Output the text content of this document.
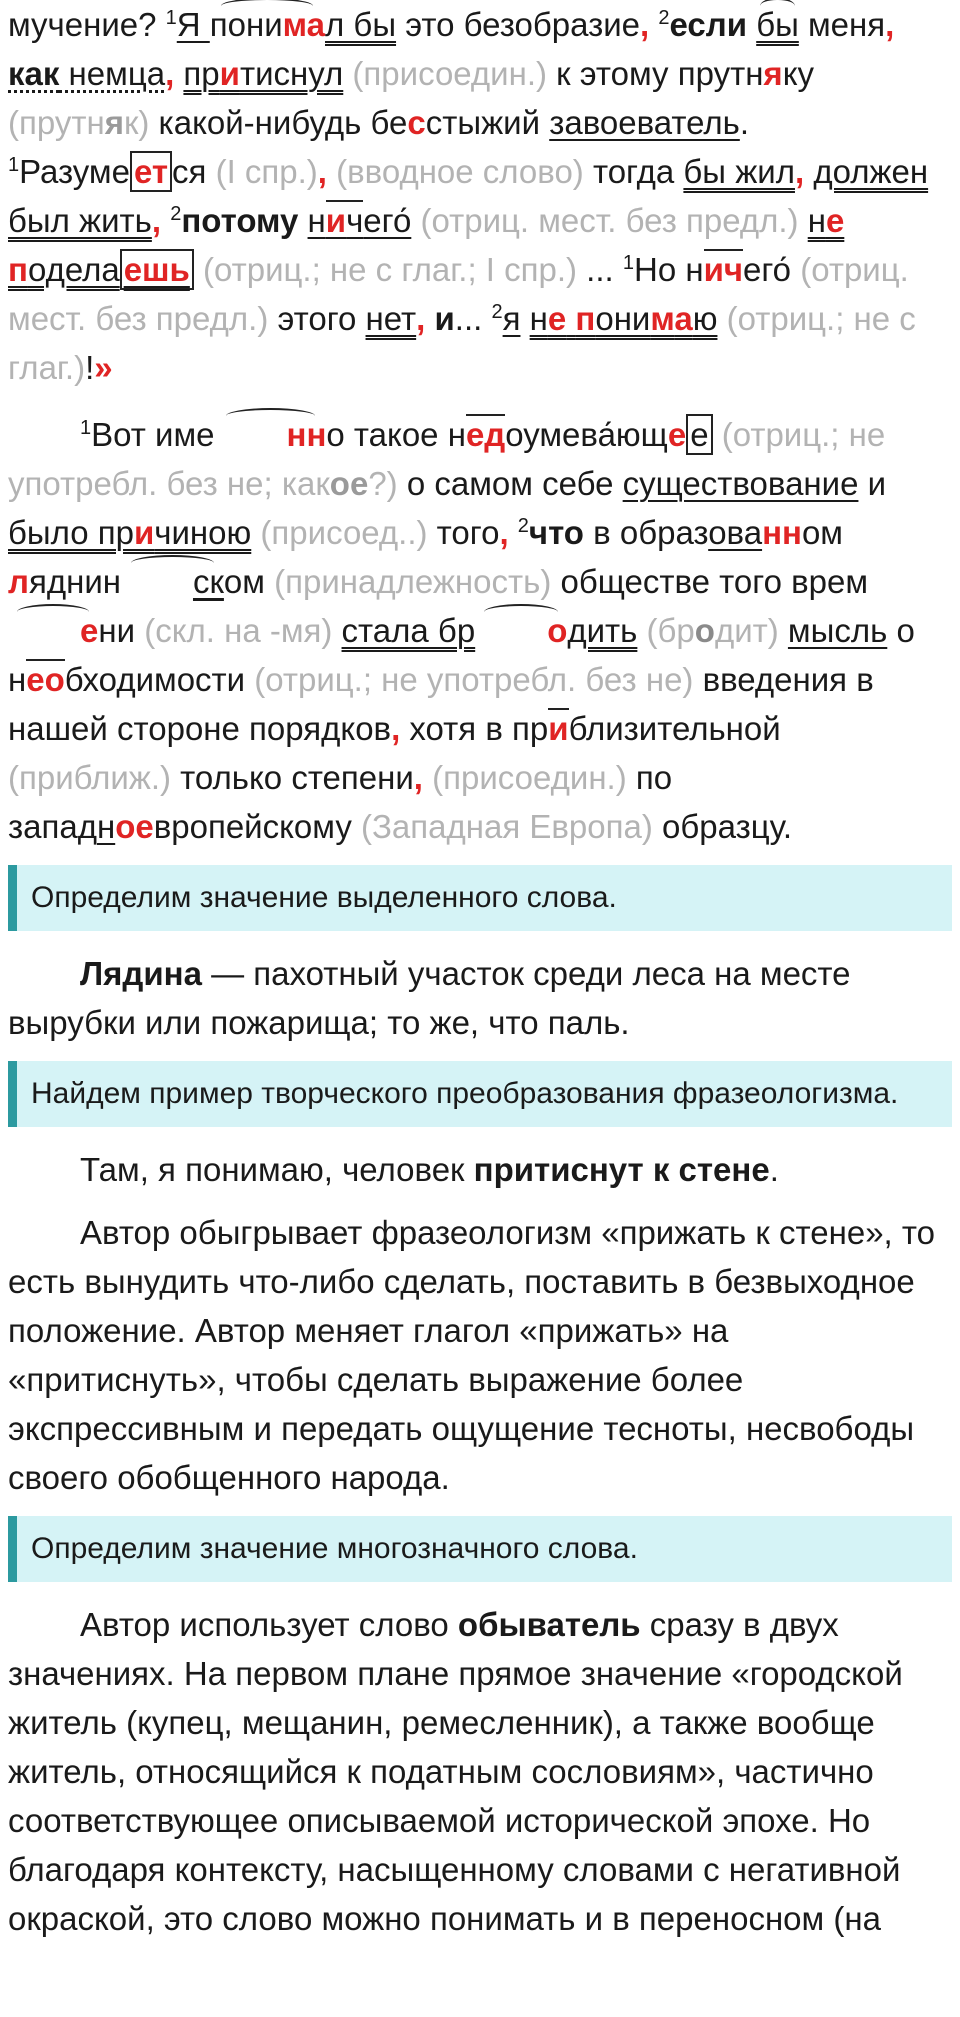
мучение? $^1$Я понимал бы это безобразие, $^2$если бы меня,
как немца, притиснул (присоедин.) к этому прутняку
(прутняк) какой-нибудь бесстыжий завоеватель.

$^1$Разуме ет ся (I спр.), (вводное слово) тогда бы жил, должен был жить, $^2$потому ничего́ (отриц. мест. без предл.) не
подела ешь (отриц.; не с глаг.; I спр.) ... $^1$Но ничего́ (отриц. мест. без предл.) этого нет, и... $^2$я не понимаю (отриц.; не с глаг.)!»

$^1$Вот име нно такое недоумева́юще е (отриц.; не употребл. без не; какое?) о самом себе существование и
было причиною (присоед..) того, $^2$что в образованном
ляднин ском (принадлежность) обществе того времени (скл. на -мя) стала бр одить (бродит) мысль о необходимости (отриц.; не употребл. без не) введения в нашей стороне порядков, хотя в приблизительной (приближ.) только степени, (присоедин.) по западноевропейскому (Западная Европа) образцу.

Определим значение выделенного слова.

Лядина — пахотный участок среди леса на месте вырубки или пожарища; то же, что паль.

Найдем пример творческого преобразования фразеологизма.

Там, я понимаю, человек притиснут к стене.

Автор обыгрывает фразеологизм «прижать к стене», то есть вынудить что-либо сделать, поставить в безвыходное положение. Автор меняет глагол «прижать» на «притиснуть», чтобы сделать выражение более экспрессивным и передать ощущение тесноты, несвободы своего обобщенного народа.

Определим значение многозначного слова.

Автор использует слово обыватель сразу в двух значениях. На первом плане прямое значение «городской житель (купец, мещанин, ремесленник), а также вообще житель, относящийся к податным сословиям», частично соответствующее описываемой исторической эпохе. Но благодаря контексту, насыщенному словами с негативной окраской, это слово можно понимать и в переносном (на
